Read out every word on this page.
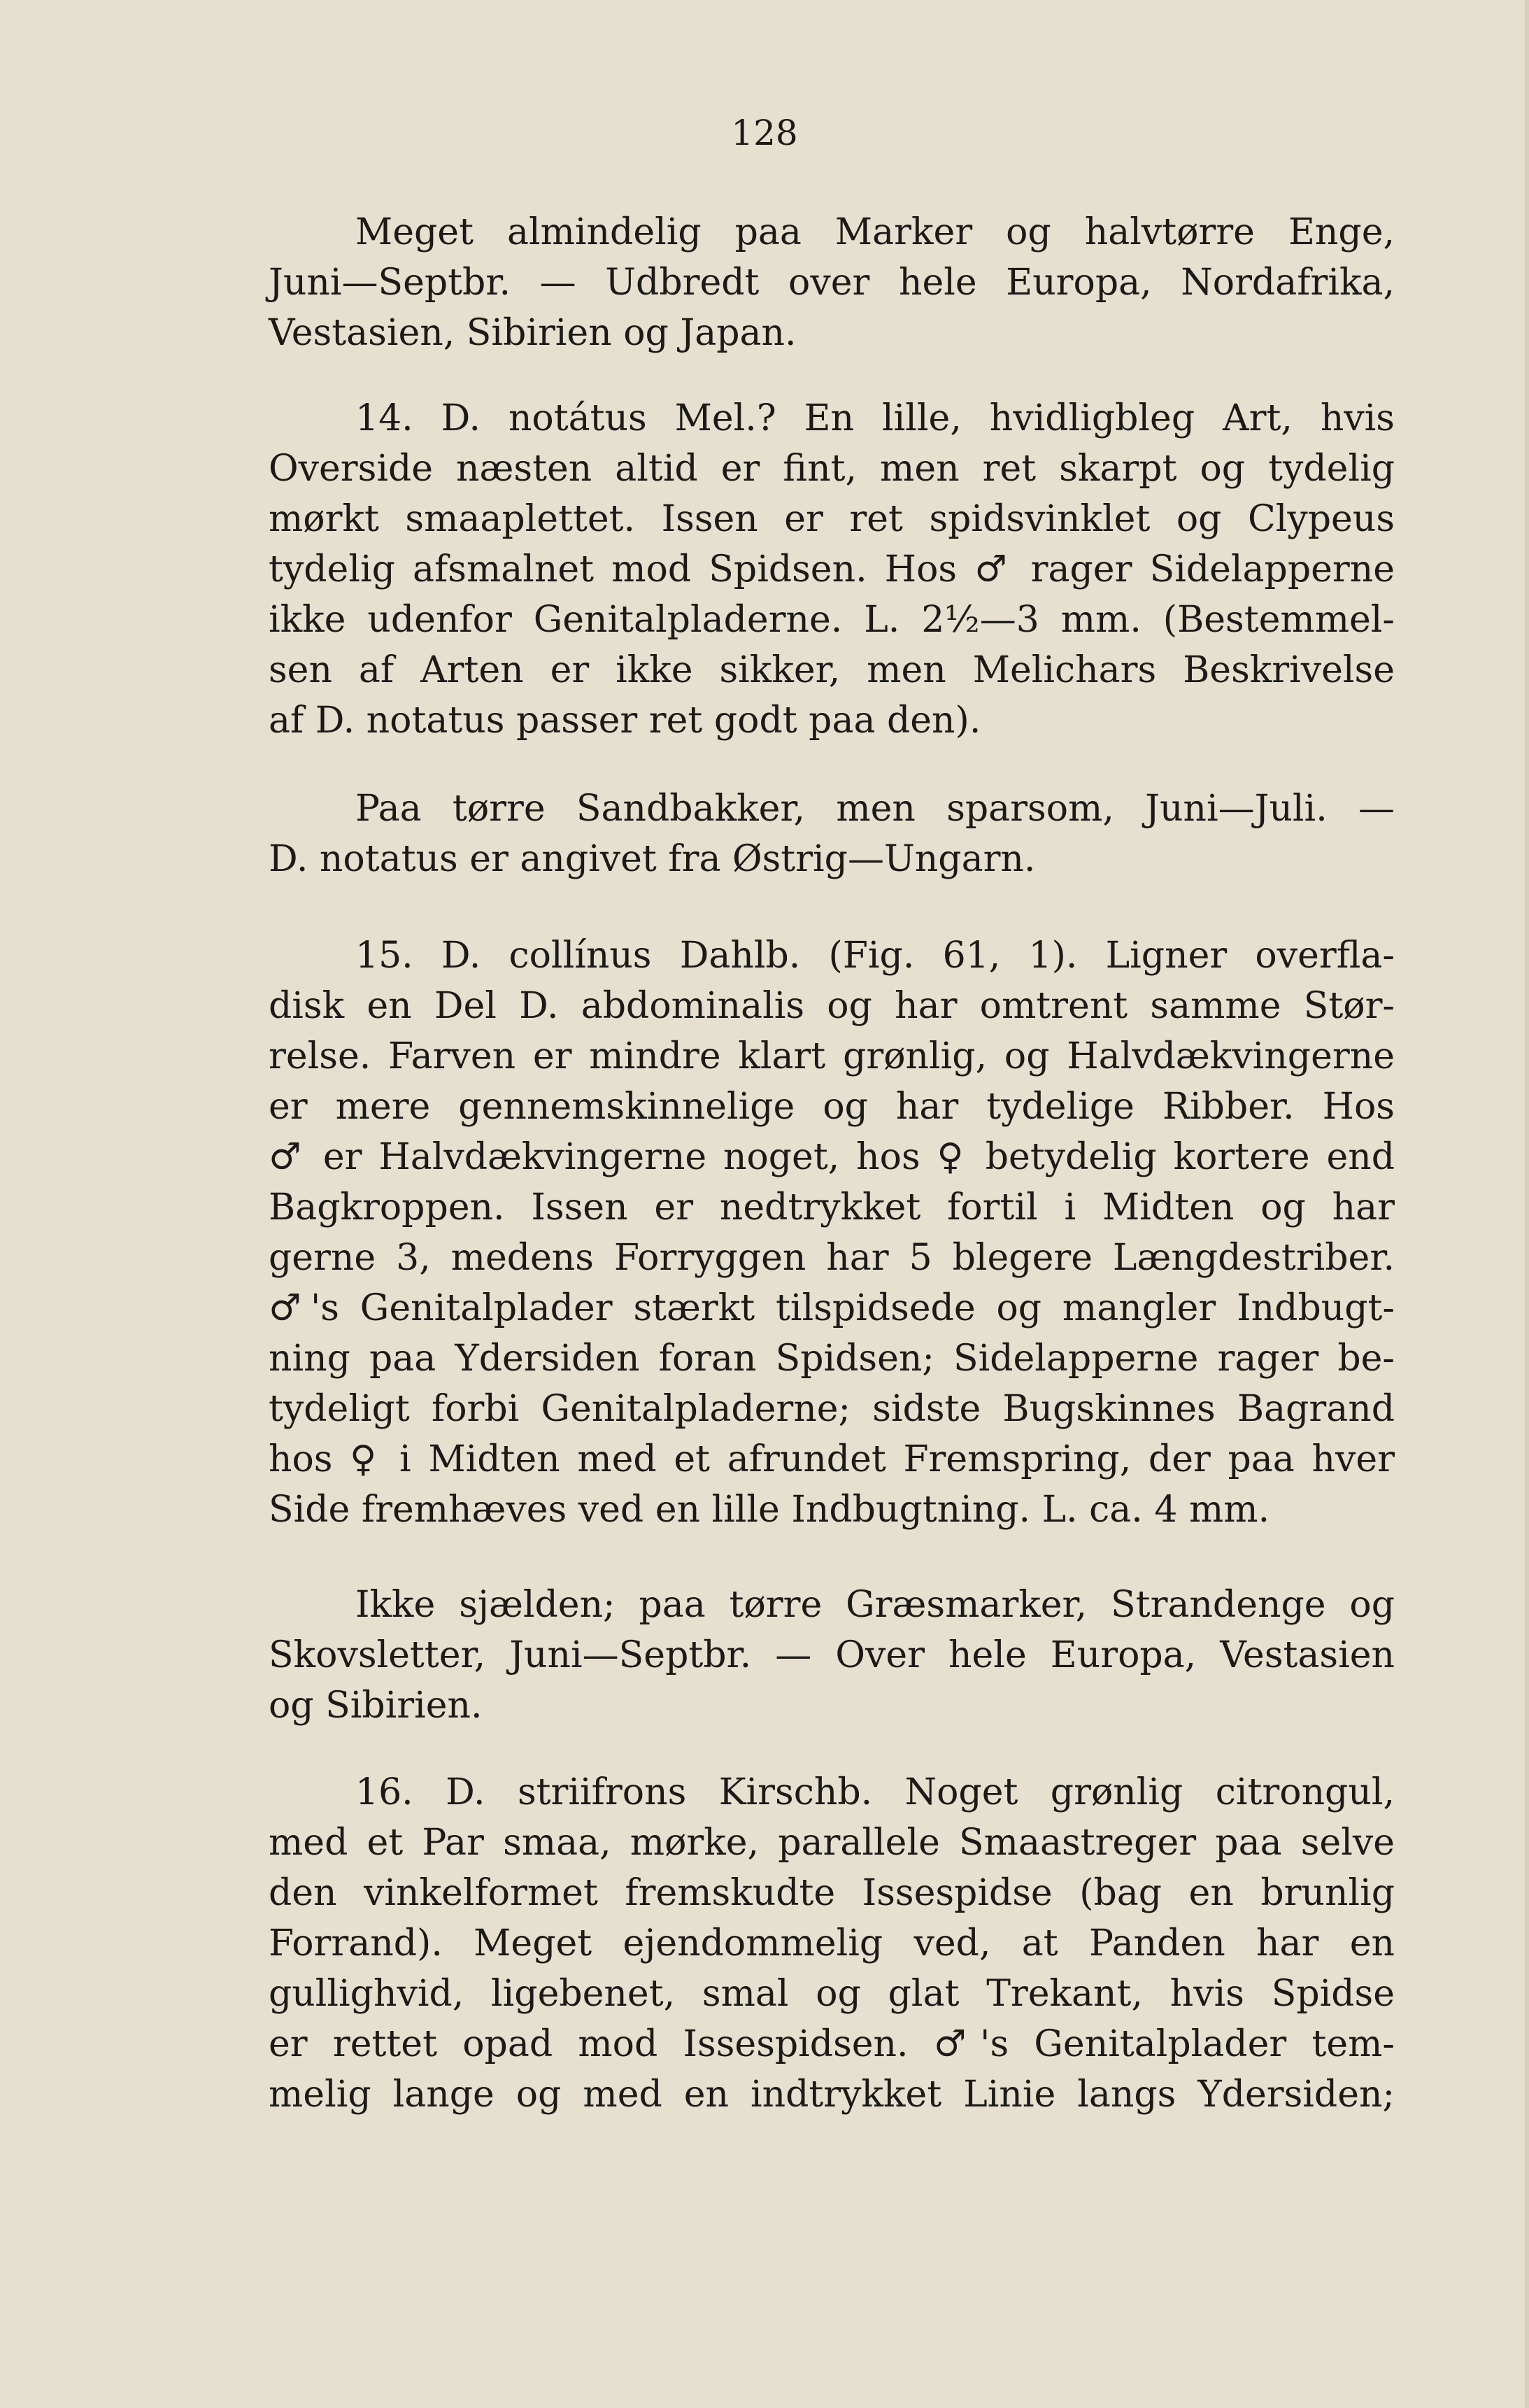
128
Meget almindelig paa Marker og halvtørre Enge,
Juni—Septbr. — Udbredt over hele Europa, Nordafrika,
Vestasien, Sibirien og Japan.
14. D. notátus Mel.? En lille, hvidligbleg Art, hvis
Overside næsten altid er fint, men ret skarpt og tydelig
mørkt smaaplettet. Issen er ret spidsvinklet og Clypeus
tydelig afsmalnet mod Spidsen. Hos ♂ rager Sidelapperne
ikke udenfor Genitalpladerne. L. 2½—3 mm. (Bestemmel-
sen af Arten er ikke sikker, men Melichars Beskrivelse
af D. notatus passer ret godt paa den).
Paa tørre Sandbakker, men sparsom, Juni—Juli. —
D. notatus er angivet fra Østrig—Ungarn.
15. D. collínus Dahlb. (Fig. 61, 1). Ligner overfla-
disk en Del D. abdominalis og har omtrent samme Stør-
relse. Farven er mindre klart grønlig, og Halvdækvingerne
er mere gennemskinnelige og har tydelige Ribber. Hos
♂ er Halvdækvingerne noget, hos ♀ betydelig kortere end
Bagkroppen. Issen er nedtrykket fortil i Midten og har
gerne 3, medens Forryggen har 5 blegere Længdestriber.
♂'s Genitalplader stærkt tilspidsede og mangler Indbugt-
ning paa Ydersiden foran Spidsen; Sidelapperne rager be-
tydeligt forbi Genitalpladerne; sidste Bugskinnes Bagrand
hos ♀ i Midten med et afrundet Fremspring, der paa hver
Side fremhæves ved en lille Indbugtning. L. ca. 4 mm.
Ikke sjælden; paa tørre Græsmarker, Strandenge og
Skovsletter, Juni—Septbr. — Over hele Europa, Vestasien
og Sibirien.
16. D. striifrons Kirschb. Noget grønlig citrongul,
med et Par smaa, mørke, parallele Smaastreger paa selve
den vinkelformet fremskudte Issespidse (bag en brunlig
Forrand). Meget ejendommelig ved, at Panden har en
gullighvid, ligebenet, smal og glat Trekant, hvis Spidse
er rettet opad mod Issespidsen. ♂'s Genitalplader tem-
melig lange og med en indtrykket Linie langs Ydersiden;
